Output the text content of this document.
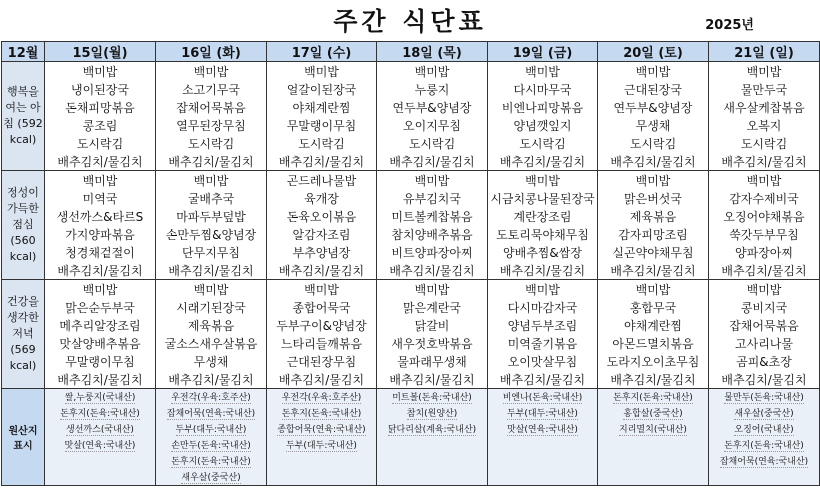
주간 식단표	2025년
12월	15일(월)	16일 (화)	17일 (수)	18일 (목)	19일 (금)	20일 (토)	21일 (일)
행복을 여는 아침 (592 kcal)	백미밥	백미밥	백미밥	백미밥	백미밥	백미밥	백미밥
	냉이된장국	소고기무국	얼갈이된장국	누룽지	다시마무국	근대된장국	물만두국
	돈채피망볶음	잡채어묵볶음	야채계란찜	연두부&양념장	비엔나피망볶음	연두부&양념장	새우살케찹볶음
	콩조림	열무된장무침	무말랭이무침	오이지무침	양념깻잎지	무생채	오복지
	도시락김	도시락김	도시락김	도시락김	도시락김	도시락김	도시락김
	배추김치/물김치	배추김치/물김치	배추김치/물김치	배추김치/물김치	배추김치/물김치	배추김치/물김치	배추김치/물김치
정성이 가득한 점심 (560 kcal)	백미밥	백미밥	곤드레나물밥	백미밥	백미밥	백미밥	백미밥
	미역국	굴배추국	육개장	유부김치국	시금치콩나물된장국	맑은버섯국	감자수제비국
	생선까스&타르S	마파두부덮밥	돈육오이볶음	미트볼케찹볶음	계란장조림	제육볶음	오징어야채볶음
	가지양파볶음	손만두찜&양념장	알감자조림	참치양배추볶음	도토리묵야채무침	감자피망조림	쑥갓두부무침
	청경채겉절이	단무지무침	부추양념장	비트양파장아찌	양배추찜&쌈장	실곤약야채무침	양파장아찌
	배추김치/물김치	배추김치/물김치	배추김치/물김치	배추김치/물김치	배추김치/물김치	배추김치/물김치	배추김치/물김치
건강을 생각한 저녁 (569 kcal)	백미밥	백미밥	백미밥	백미밥	백미밥	백미밥	백미밥
	맑은순두부국	시래기된장국	종합어묵국	맑은계란국	다시마감자국	홍합무국	콩비지국
	메추리알장조림	제육볶음	두부구이&양념장	닭갈비	양념두부조림	야채계란찜	잡채어묵볶음
	맛살양배추볶음	굴소스새우살볶음	느타리들깨볶음	새우젓호박볶음	미역줄기볶음	아몬드멸치볶음	고사리나물
	무말랭이무침	무생채	근대된장무침	물파래무생채	오이맛살무침	도라지오이초무침	곰피&초장
	배추김치/물김치	배추김치/물김치	배추김치/물김치	배추김치/물김치	배추김치/물김치	배추김치/물김치	배추김치/물김치
원산지 표시	쌀,누룽지(국내산)	우전각(우육:호주산)	우전각(우육:호주산)	미트볼(돈육:국내산)	비엔나(돈육:국내산)	돈후지(돈육:국내산)	물만두(돈육:국내산)
	돈후지(돈육:국내산)	잡채어묵(연육:국내산)	돈후지(돈육:국내산)	참치(원양산)	두부(대두:국내산)	홍합살(중국산)	새우살(중국산)
	생선까스(국내산)	두부(대두:국내산)	종합어묵(연육:국내산)	닭다리살(계육:국내산)	맛살(연육:국내산)	지리멸치(국내산)	오징어(국내산)
	맛살(연육:국내산)	손만두(돈육:국내산)	두부(대두:국내산)				돈후지(돈육:국내산)
		돈후지(돈육:국내산)					잡채어묵(연육:국내산)
		새우살(중국산)					
